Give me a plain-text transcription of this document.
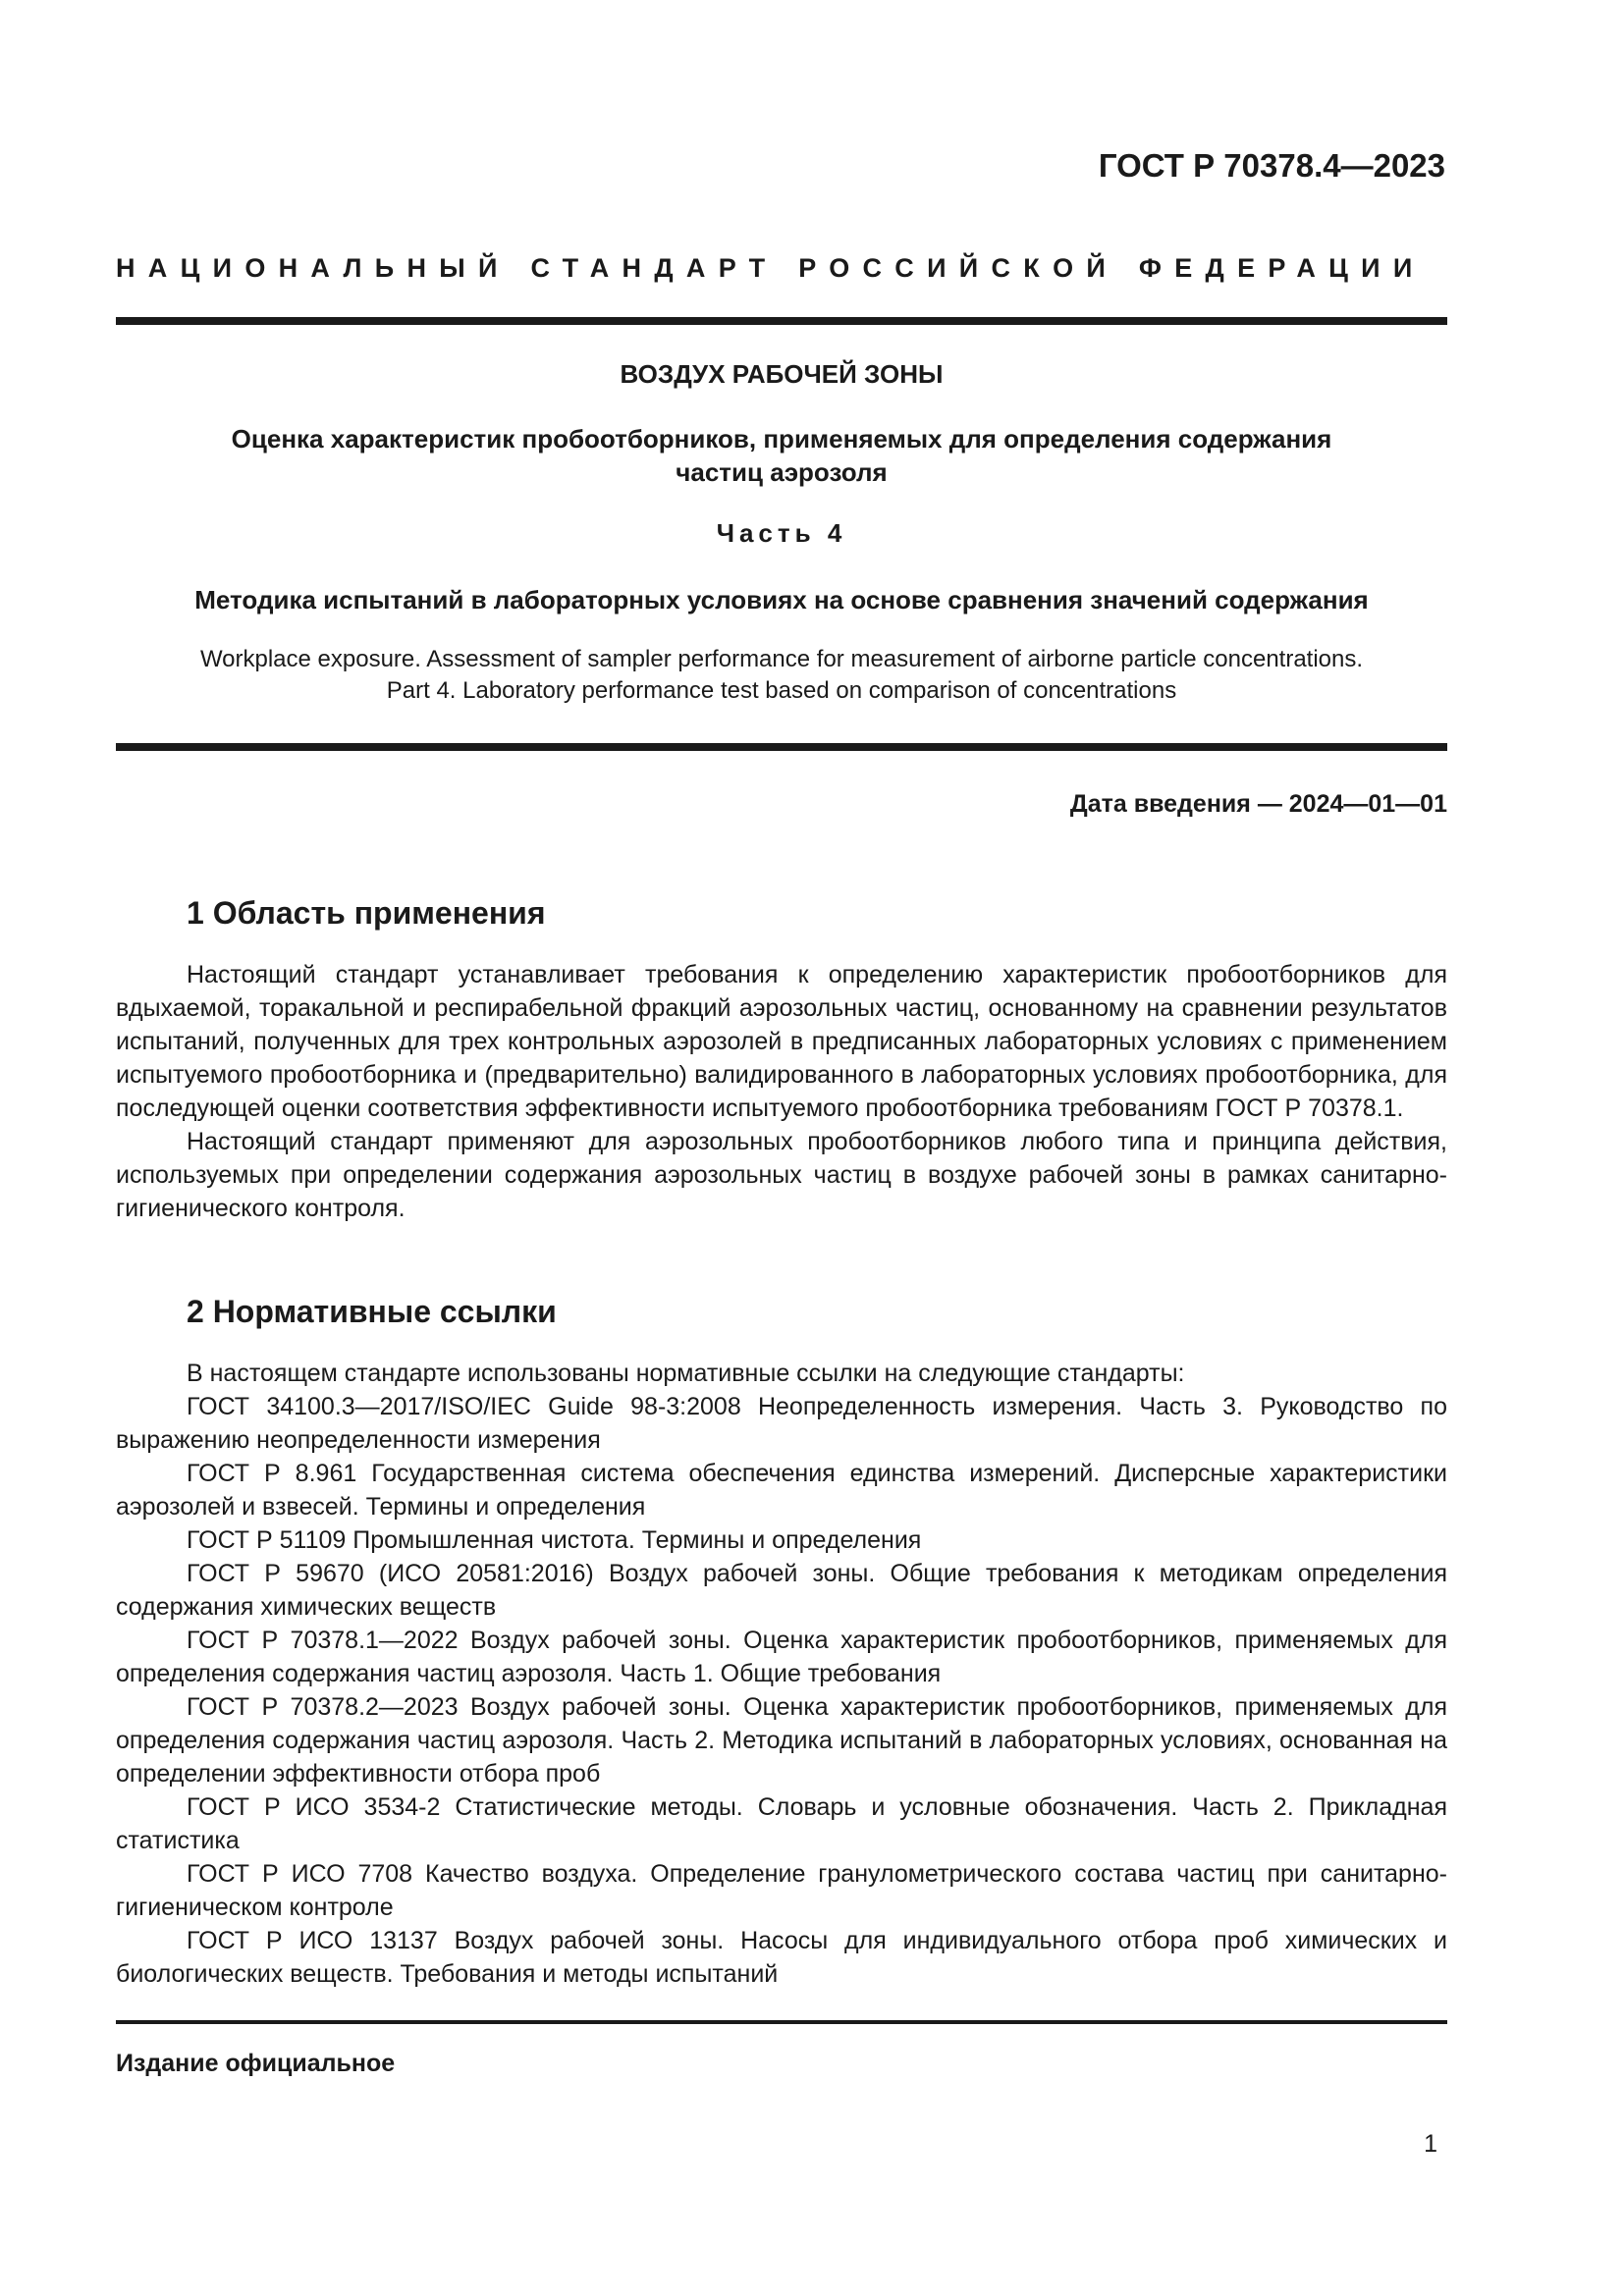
ГОСТ Р 70378.4—2023
НАЦИОНАЛЬНЫЙ СТАНДАРТ РОССИЙСКОЙ ФЕДЕРАЦИИ
ВОЗДУХ РАБОЧЕЙ ЗОНЫ
Оценка характеристик пробоотборников, применяемых для определения содержания
частиц аэрозоля
Часть 4
Методика испытаний в лабораторных условиях на основе сравнения значений содержания
Workplace exposure. Assessment of sampler performance for measurement of airborne particle concentrations.
Part 4. Laboratory performance test based on comparison of concentrations
Дата введения — 2024—01—01
1 Область применения

Настоящий стандарт устанавливает требования к определению характеристик пробоотборников для вдыхаемой, торакальной и респирабельной фракций аэрозольных частиц, основанному на сравнении результатов испытаний, полученных для трех контрольных аэрозолей в предписанных лабораторных условиях с применением испытуемого пробоотборника и (предварительно) валидированного в лабораторных условиях пробоотборника, для последующей оценки соответствия эффективности испытуемого пробоотборника требованиям ГОСТ Р 70378.1.

Настоящий стандарт применяют для аэрозольных пробоотборников любого типа и принципа действия, используемых при определении содержания аэрозольных частиц в воздухе рабочей зоны в рамках санитарно-гигиенического контроля.

2 Нормативные ссылки

В настоящем стандарте использованы нормативные ссылки на следующие стандарты:

ГОСТ 34100.3—2017/ISO/IEC Guide 98-3:2008 Неопределенность измерения. Часть 3. Руководство по выражению неопределенности измерения

ГОСТ Р 8.961 Государственная система обеспечения единства измерений. Дисперсные характеристики аэрозолей и взвесей. Термины и определения

ГОСТ Р 51109 Промышленная чистота. Термины и определения

ГОСТ Р 59670 (ИСО 20581:2016) Воздух рабочей зоны. Общие требования к методикам определения содержания химических веществ

ГОСТ Р 70378.1—2022 Воздух рабочей зоны. Оценка характеристик пробоотборников, применяемых для определения содержания частиц аэрозоля. Часть 1. Общие требования

ГОСТ Р 70378.2—2023 Воздух рабочей зоны. Оценка характеристик пробоотборников, применяемых для определения содержания частиц аэрозоля. Часть 2. Методика испытаний в лабораторных условиях, основанная на определении эффективности отбора проб

ГОСТ Р ИСО 3534-2 Статистические методы. Словарь и условные обозначения. Часть 2. Прикладная статистика

ГОСТ Р ИСО 7708 Качество воздуха. Определение гранулометрического состава частиц при санитарно-гигиеническом контроле

ГОСТ Р ИСО 13137 Воздух рабочей зоны. Насосы для индивидуального отбора проб химических и биологических веществ. Требования и методы испытаний

Издание официальное
1
